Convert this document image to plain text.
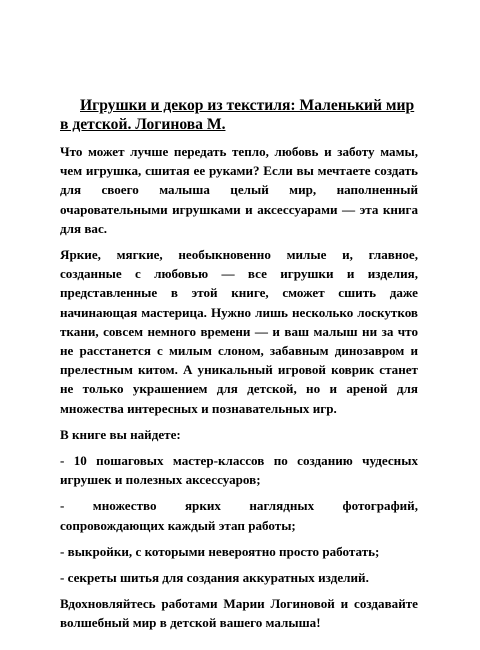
Игрушки и декор из текстиля: Маленький мир в детской. Логинова М.

Что может лучше передать тепло, любовь и заботу мамы, чем игрушка, сшитая ее руками? Если вы мечтаете создать для своего малыша целый мир, наполненный очаровательными игрушками и аксессуарами — эта книга для вас.

Яркие, мягкие, необыкновенно милые и, главное, созданные с любовью — все игрушки и изделия, представленные в этой книге, сможет сшить даже начинающая мастерица. Нужно лишь несколько лоскутков ткани, совсем немного времени — и ваш малыш ни за что не расстанется с милым слоном, забавным динозавром и прелестным китом. А уникальный игровой коврик станет не только украшением для детской, но и ареной для множества интересных и познавательных игр.

В книге вы найдете:

- 10 пошаговых мастер-классов по созданию чудесных игрушек и полезных аксессуаров;

- множество ярких наглядных фотографий, сопровождающих каждый этап работы;

- выкройки, с которыми невероятно просто работать;

- секреты шитья для создания аккуратных изделий.

Вдохновляйтесь работами Марии Логиновой и создавайте волшебный мир в детской вашего малыша!
